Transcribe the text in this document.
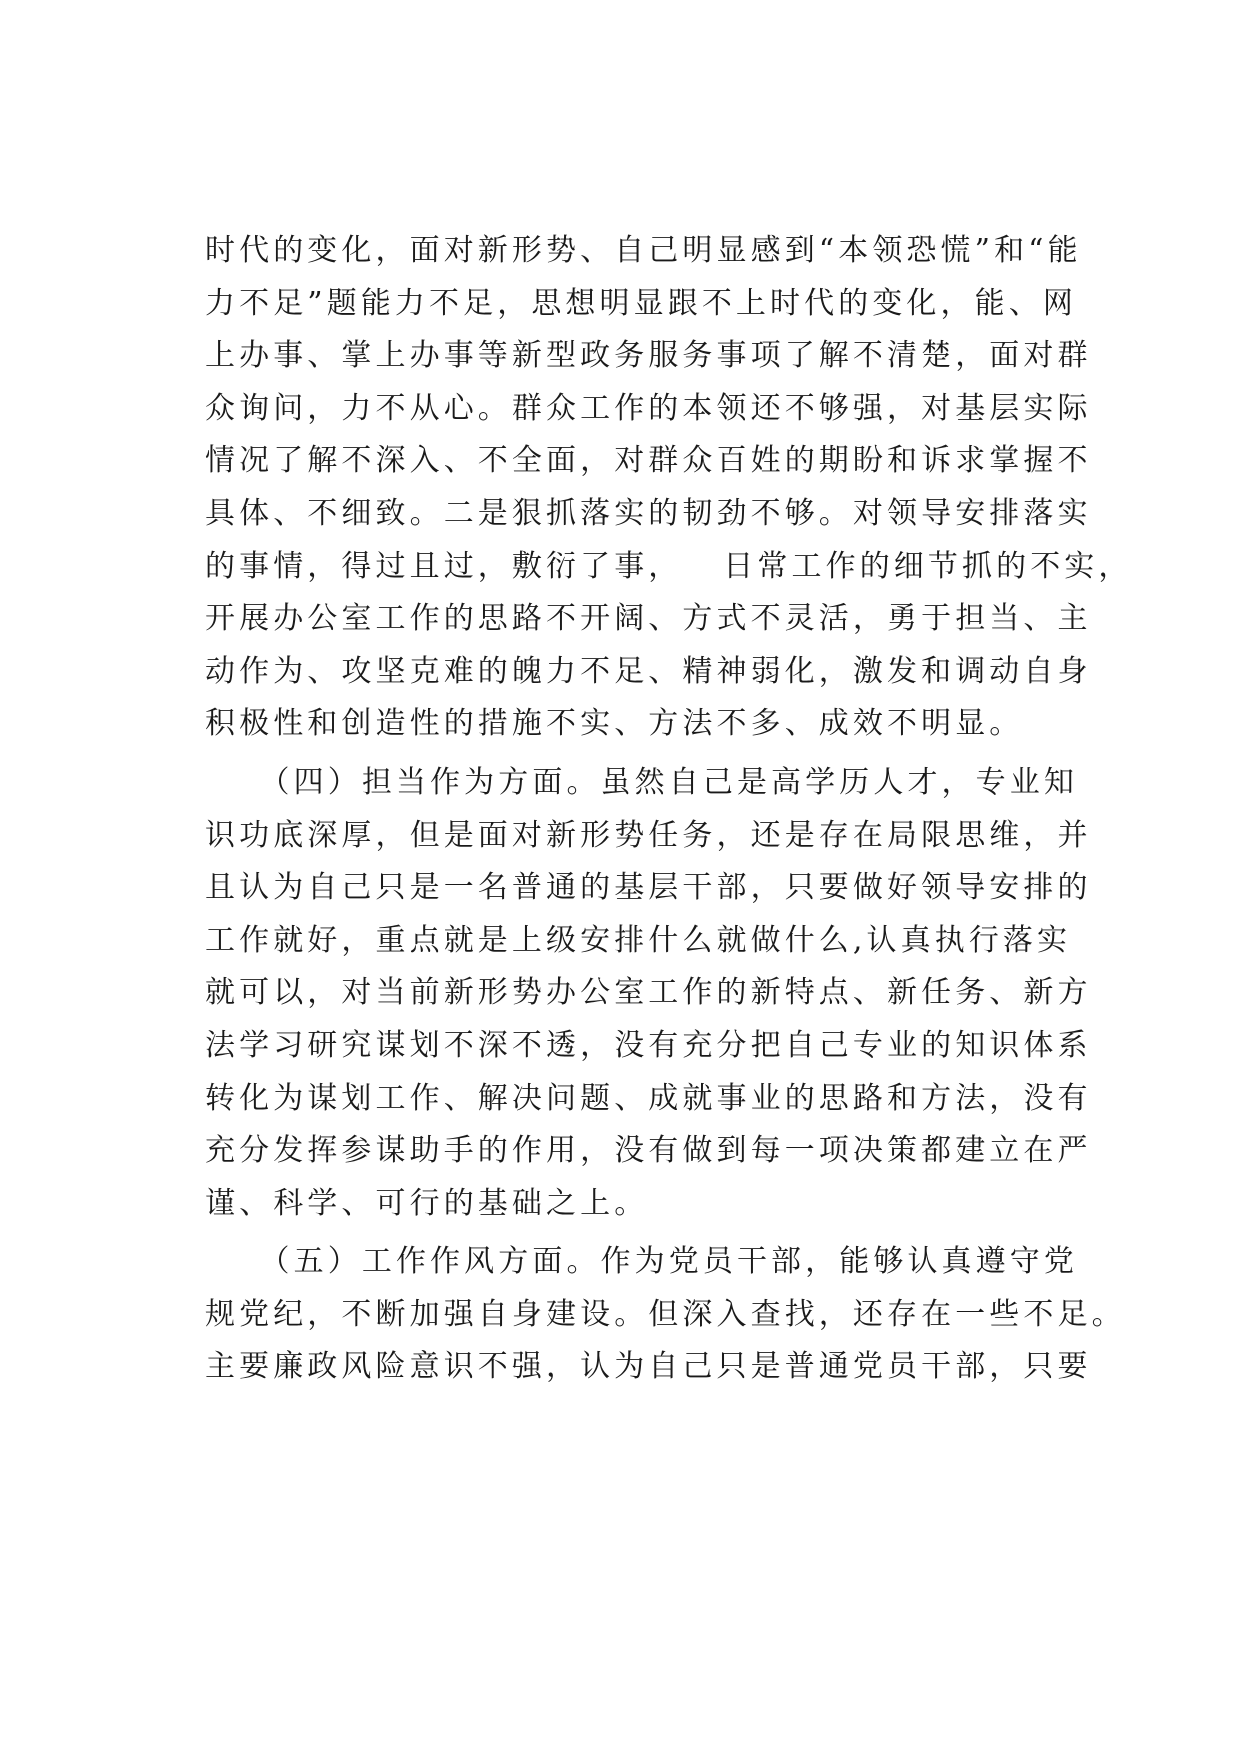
时代的变化，面对新形势、自己明显感到“本领恐慌”和“能
力不足”题能力不足，思想明显跟不上时代的变化，能、网
上办事、掌上办事等新型政务服务事项了解不清楚，面对群
众询问，力不从心。群众工作的本领还不够强，对基层实际
情况了解不深入、不全面，对群众百姓的期盼和诉求掌握不
具体、不细致。二是狠抓落实的韧劲不够。对领导安排落实
的事情，得过且过，敷衍了事，   日常工作的细节抓的不实，
开展办公室工作的思路不开阔、方式不灵活，勇于担当、主
动作为、攻坚克难的魄力不足、精神弱化，激发和调动自身
积极性和创造性的措施不实、方法不多、成效不明显。
（四）担当作为方面。虽然自己是高学历人才，专业知
识功底深厚，但是面对新形势任务，还是存在局限思维，并
且认为自己只是一名普通的基层干部，只要做好领导安排的
工作就好，重点就是上级安排什么就做什么,认真执行落实
就可以，对当前新形势办公室工作的新特点、新任务、新方
法学习研究谋划不深不透，没有充分把自己专业的知识体系
转化为谋划工作、解决问题、成就事业的思路和方法，没有
充分发挥参谋助手的作用，没有做到每一项决策都建立在严
谨、科学、可行的基础之上。
（五）工作作风方面。作为党员干部，能够认真遵守党
规党纪，不断加强自身建设。但深入查找，还存在一些不足。
主要廉政风险意识不强，认为自己只是普通党员干部，只要
